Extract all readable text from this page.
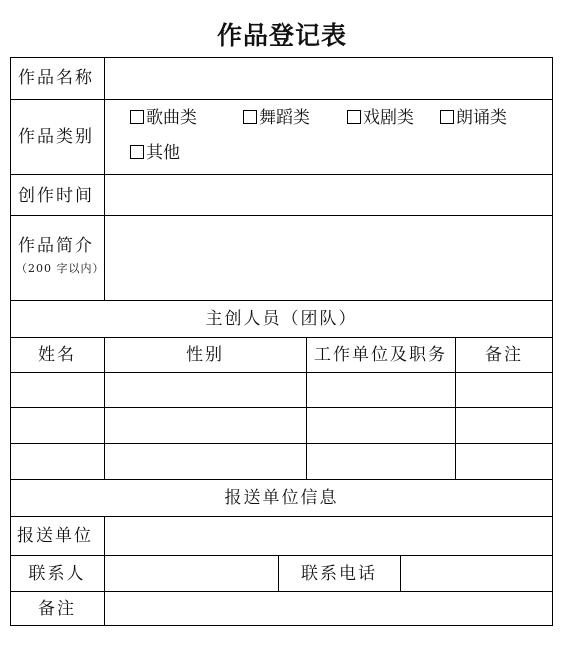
作品登记表
作品名称
作品类别
歌曲类	舞蹈类	戏剧类	朗诵类
其他
创作时间
作品简介
（200 字以内）
主创人员（团队）
姓名	性别	工作单位及职务	备注
报送单位信息
报送单位
联系人	联系电话
备注
